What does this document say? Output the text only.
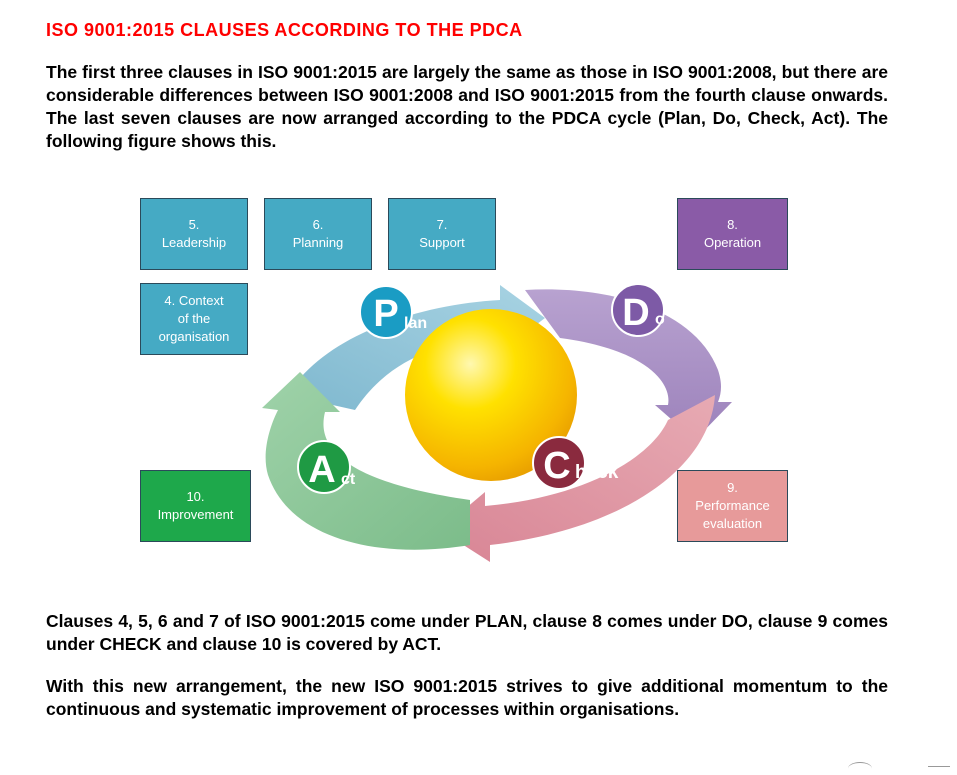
ISO 9001:2015 CLAUSES ACCORDING TO THE PDCA

The first three clauses in ISO 9001:2015 are largely the same as those in ISO 9001:2008, but there are considerable differences between ISO 9001:2008 and ISO 9001:2015 from the fourth clause onwards. The last seven clauses are now arranged according to the PDCA cycle (Plan, Do, Check, Act). The following figure shows this.

P lan	D o
C heck
A ct
5.
Leadership
6.
Planning
7.
Support
8.
Operation
4. Context
of the
organisation
10.
Improvement
9.
Performance
evaluation

Clauses 4, 5, 6 and 7 of ISO 9001:2015 come under PLAN, clause 8 comes under DO, clause 9 comes under CHECK and clause 10 is covered by ACT.

With this new arrangement, the new ISO 9001:2015 strives to give additional momentum to the continuous and systematic improvement of processes within organisations.
